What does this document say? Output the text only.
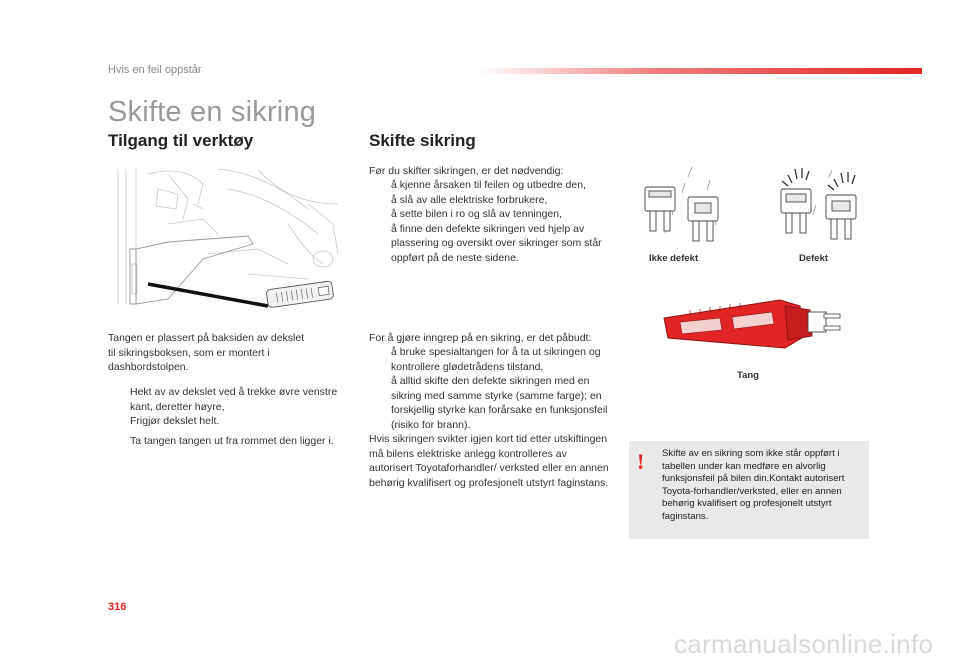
Hvis en feil oppstår
Skifte en sikring
Tilgang til verktøy
Tangen er plassert på baksiden av dekslet til sikringsboksen, som er montert i dashbordstolpen.
Hekt av av dekslet ved å trekke øvre venstre kant, deretter høyre,
Frigjør dekslet helt.
Ta tangen tangen ut fra rommet den ligger i.
Skifte sikring
Før du skifter sikringen, er det nødvendig:
å kjenne årsaken til feilen og utbedre den,
å slå av alle elektriske forbrukere,
å sette bilen i ro og slå av tenningen,
å finne den defekte sikringen ved hjelp av plassering og oversikt over sikringer som står oppført på de neste sidene.
For å gjøre inngrep på en sikring, er det påbudt:
å bruke spesialtangen for å ta ut sikringen og kontrollere glødetrådens tilstand,
å alltid skifte den defekte sikringen med en sikring med samme styrke (samme farge); en forskjellig styrke kan forårsake en funksjonsfeil (risiko for brann).
Hvis sikringen svikter igjen kort tid etter utskiftingen må bilens elektriske anlegg kontrolleres av autorisert Toyotaforhandler/ verksted eller en annen behørig kvalifisert og profesjonelt utstyrt faginstans.
Ikke defekt	Defekt
Tang
! Skifte av en sikring som ikke står oppført i tabellen under kan medføre en alvorlig funksjonsfeil på bilen din.Kontakt autorisert Toyota-forhandler/verksted, eller en annen behørig kvalifisert og profesjonelt utstyrt faginstans.
316
carmanualsonline.info
